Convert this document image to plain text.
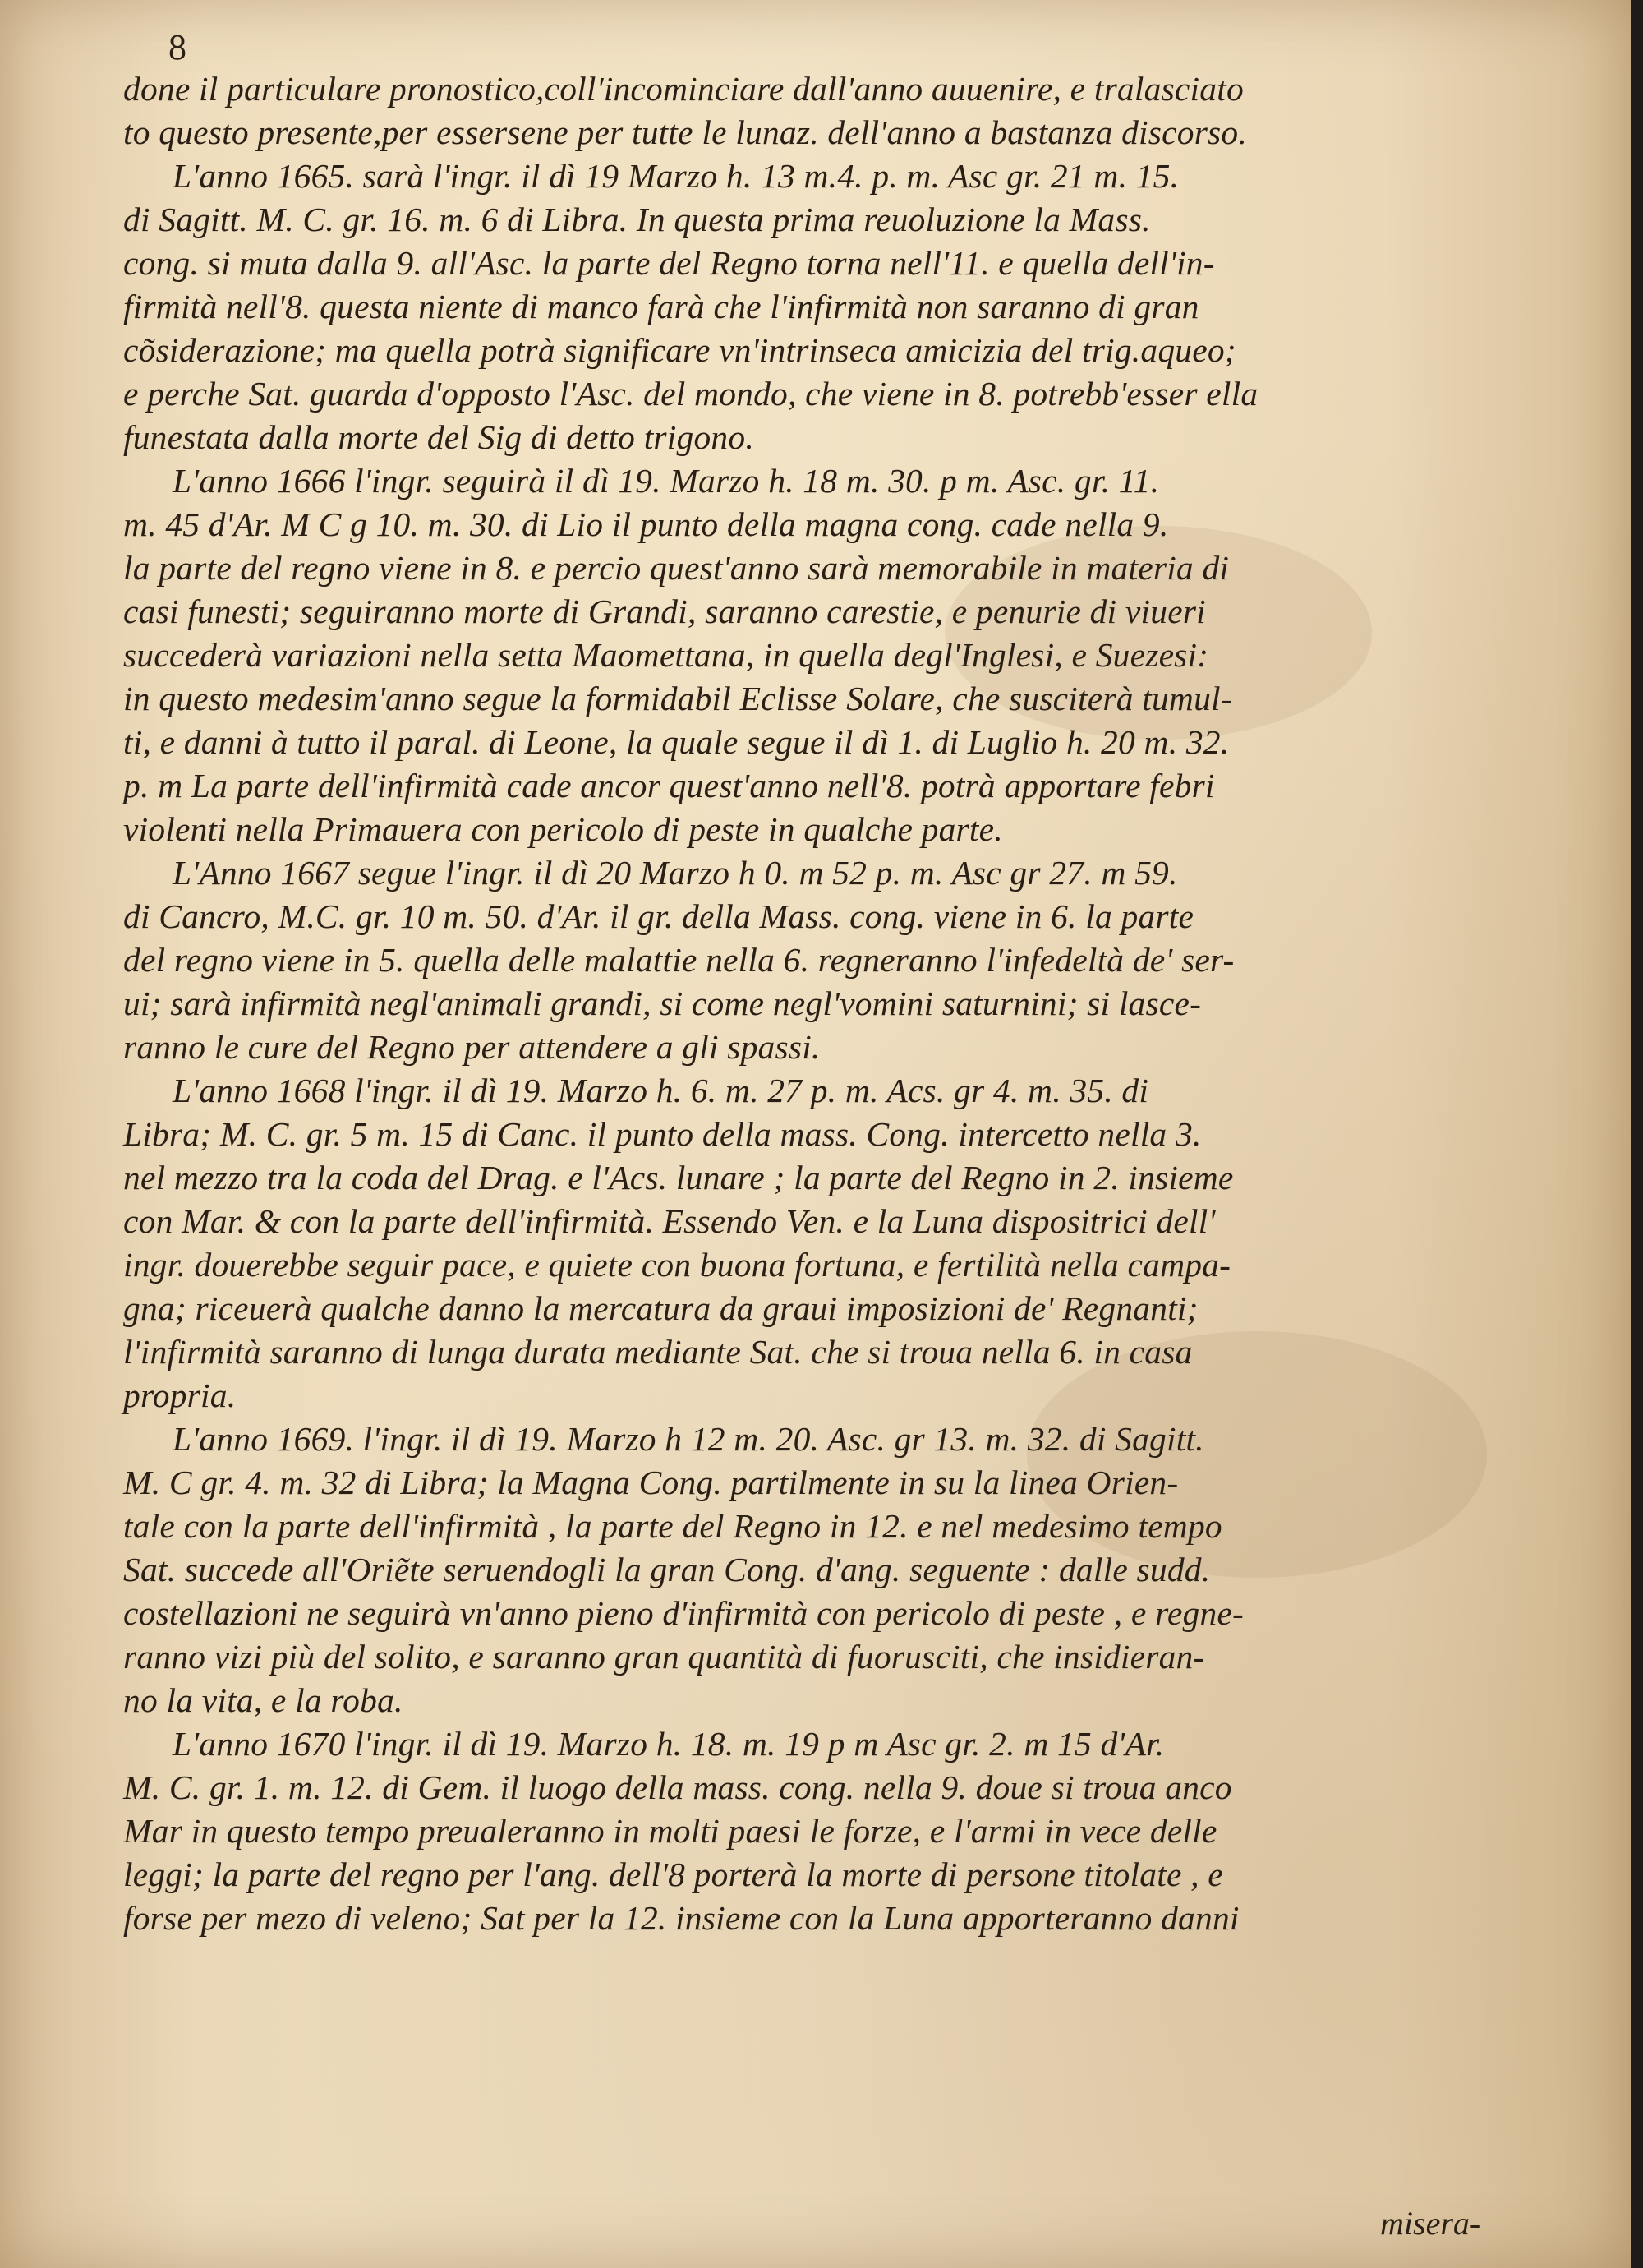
8
done il particulare pronostico,coll'incominciare dall'anno auuenire, e tralasciato
to questo presente,per essersene per tutte le lunaz. dell'anno a bastanza discorso.
L'anno 1665. sarà l'ingr. il dì 19 Marzo h. 13 m.4. p. m. Asc gr. 21 m. 15.
di Sagitt. M. C. gr. 16. m. 6 di Libra. In questa prima reuoluzione la Mass.
cong. si muta dalla 9. all'Asc. la parte del Regno torna nell'11. e quella dell'in-
firmità nell'8. questa niente di manco farà che l'infirmità non saranno di gran
cõsiderazione; ma quella potrà significare vn'intrinseca amicizia del trig.aqueo;
e perche Sat. guarda d'opposto l'Asc. del mondo, che viene in 8. potrebb'esser ella
funestata dalla morte del Sig di detto trigono.
L'anno 1666 l'ingr. seguirà il dì 19. Marzo h. 18 m. 30. p m. Asc. gr. 11.
m. 45 d'Ar. M C g 10. m. 30. di Lio il punto della magna cong. cade nella 9.
la parte del regno viene in 8. e percio quest'anno sarà memorabile in materia di
casi funesti; seguiranno morte di Grandi, saranno carestie, e penurie di viueri
succederà variazioni nella setta Maomettana, in quella degl'Inglesi, e Suezesi:
in questo medesim'anno segue la formidabil Eclisse Solare, che susciterà tumul-
ti, e danni à tutto il paral. di Leone, la quale segue il dì 1. di Luglio h. 20 m. 32.
p. m La parte dell'infirmità cade ancor quest'anno nell'8. potrà apportare febri
violenti nella Primauera con pericolo di peste in qualche parte.
L'Anno 1667 segue l'ingr. il dì 20 Marzo h 0. m 52 p. m. Asc gr 27. m 59.
di Cancro, M.C. gr. 10 m. 50. d'Ar. il gr. della Mass. cong. viene in 6. la parte
del regno viene in 5. quella delle malattie nella 6. regneranno l'infedeltà de' ser-
ui; sarà infirmità negl'animali grandi, si come negl'vomini saturnini; si lasce-
ranno le cure del Regno per attendere a gli spassi.
L'anno 1668 l'ingr. il dì 19. Marzo h. 6. m. 27 p. m. Acs. gr 4. m. 35. di
Libra; M. C. gr. 5 m. 15 di Canc. il punto della mass. Cong. intercetto nella 3.
nel mezzo tra la coda del Drag. e l'Acs. lunare ; la parte del Regno in 2. insieme
con Mar. & con la parte dell'infirmità. Essendo Ven. e la Luna dispositrici dell'
ingr. douerebbe seguir pace, e quiete con buona fortuna, e fertilità nella campa-
gna; riceuerà qualche danno la mercatura da graui imposizioni de' Regnanti;
l'infirmità saranno di lunga durata mediante Sat. che si troua nella 6. in casa
propria.
L'anno 1669. l'ingr. il dì 19. Marzo h 12 m. 20. Asc. gr 13. m. 32. di Sagitt.
M. C gr. 4. m. 32 di Libra; la Magna Cong. partilmente in su la linea Orien-
tale con la parte dell'infirmità , la parte del Regno in 12. e nel medesimo tempo
Sat. succede all'Oriẽte seruendogli la gran Cong. d'ang. seguente : dalle sudd.
costellazioni ne seguirà vn'anno pieno d'infirmità con pericolo di peste , e regne-
ranno vizi più del solito, e saranno gran quantità di fuorusciti, che insidieran-
no la vita, e la roba.
L'anno 1670 l'ingr. il dì 19. Marzo h. 18. m. 19 p m Asc gr. 2. m 15 d'Ar.
M. C. gr. 1. m. 12. di Gem. il luogo della mass. cong. nella 9. doue si troua anco
Mar in questo tempo preualeranno in molti paesi le forze, e l'armi in vece delle
leggi; la parte del regno per l'ang. dell'8 porterà la morte di persone titolate , e
forse per mezo di veleno; Sat per la 12. insieme con la Luna apporteranno danni
misera-
